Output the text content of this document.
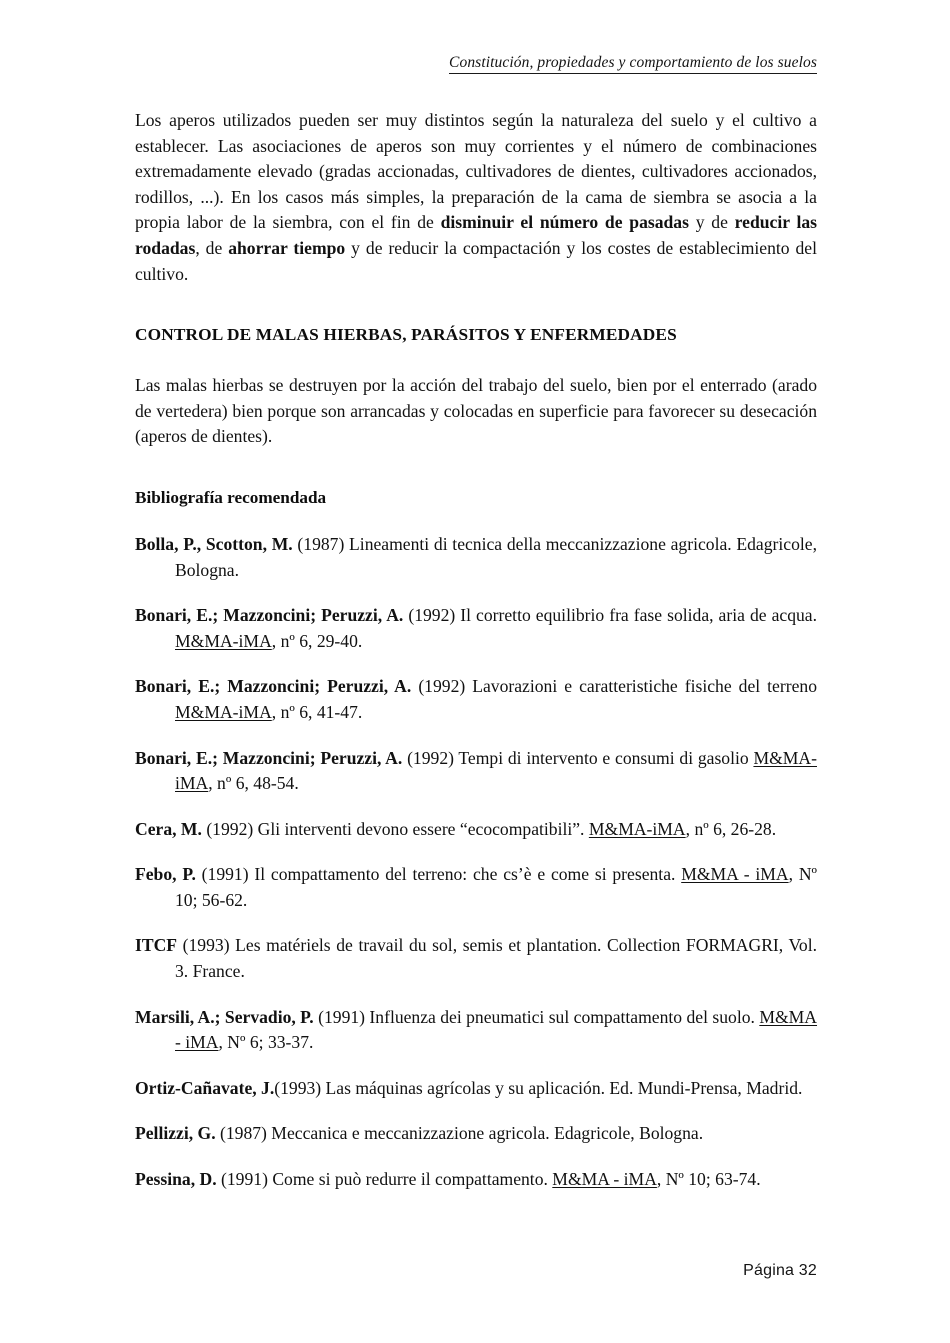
Constitución, propiedades y comportamiento de los suelos

Los aperos utilizados pueden ser muy distintos según la naturaleza del suelo y el cultivo a establecer. Las asociaciones de aperos son muy corrientes y el número de combinaciones extremadamente elevado (gradas accionadas, cultivadores de dientes, cultivadores accionados, rodillos, ...). En los casos más simples, la preparación de la cama de siembra se asocia a la propia labor de la siembra, con el fin de disminuir el número de pasadas y de reducir las rodadas, de ahorrar tiempo y de reducir la compactación y los costes de establecimiento del cultivo.

CONTROL DE MALAS HIERBAS, PARÁSITOS Y ENFERMEDADES

Las malas hierbas se destruyen por la acción del trabajo del suelo, bien por el enterrado (arado de vertedera) bien porque son arrancadas y colocadas en superficie para favorecer su desecación (aperos de dientes).

Bibliografía recomendada

Bolla, P., Scotton, M. (1987) Lineamenti di tecnica della meccanizzazione agricola. Edagricole, Bologna.

Bonari, E.; Mazzoncini; Peruzzi, A. (1992) Il corretto equilibrio fra fase solida, aria de acqua. M&MA-iMA, nº 6, 29-40.

Bonari, E.; Mazzoncini; Peruzzi, A. (1992) Lavorazioni e caratteristiche fisiche del terreno M&MA-iMA, nº 6, 41-47.

Bonari, E.; Mazzoncini; Peruzzi, A. (1992) Tempi di intervento e consumi di gasolio M&MA-iMA, nº 6, 48-54.

Cera, M. (1992) Gli interventi devono essere “ecocompatibili”. M&MA-iMA, nº 6, 26-28.

Febo, P. (1991) Il compattamento del terreno: che cs’è e come si presenta. M&MA - iMA, Nº 10; 56-62.

ITCF (1993) Les matériels de travail du sol, semis et plantation. Collection FORMAGRI, Vol. 3. France.

Marsili, A.; Servadio, P. (1991) Influenza dei pneumatici sul compattamento del suolo. M&MA - iMA, Nº 6; 33-37.

Ortiz-Cañavate, J.(1993) Las máquinas agrícolas y su aplicación. Ed. Mundi-Prensa, Madrid.

Pellizzi, G. (1987) Meccanica e meccanizzazione agricola. Edagricole, Bologna.

Pessina, D. (1991) Come si può redurre il compattamento. M&MA - iMA, Nº 10; 63-74.

Página 32
